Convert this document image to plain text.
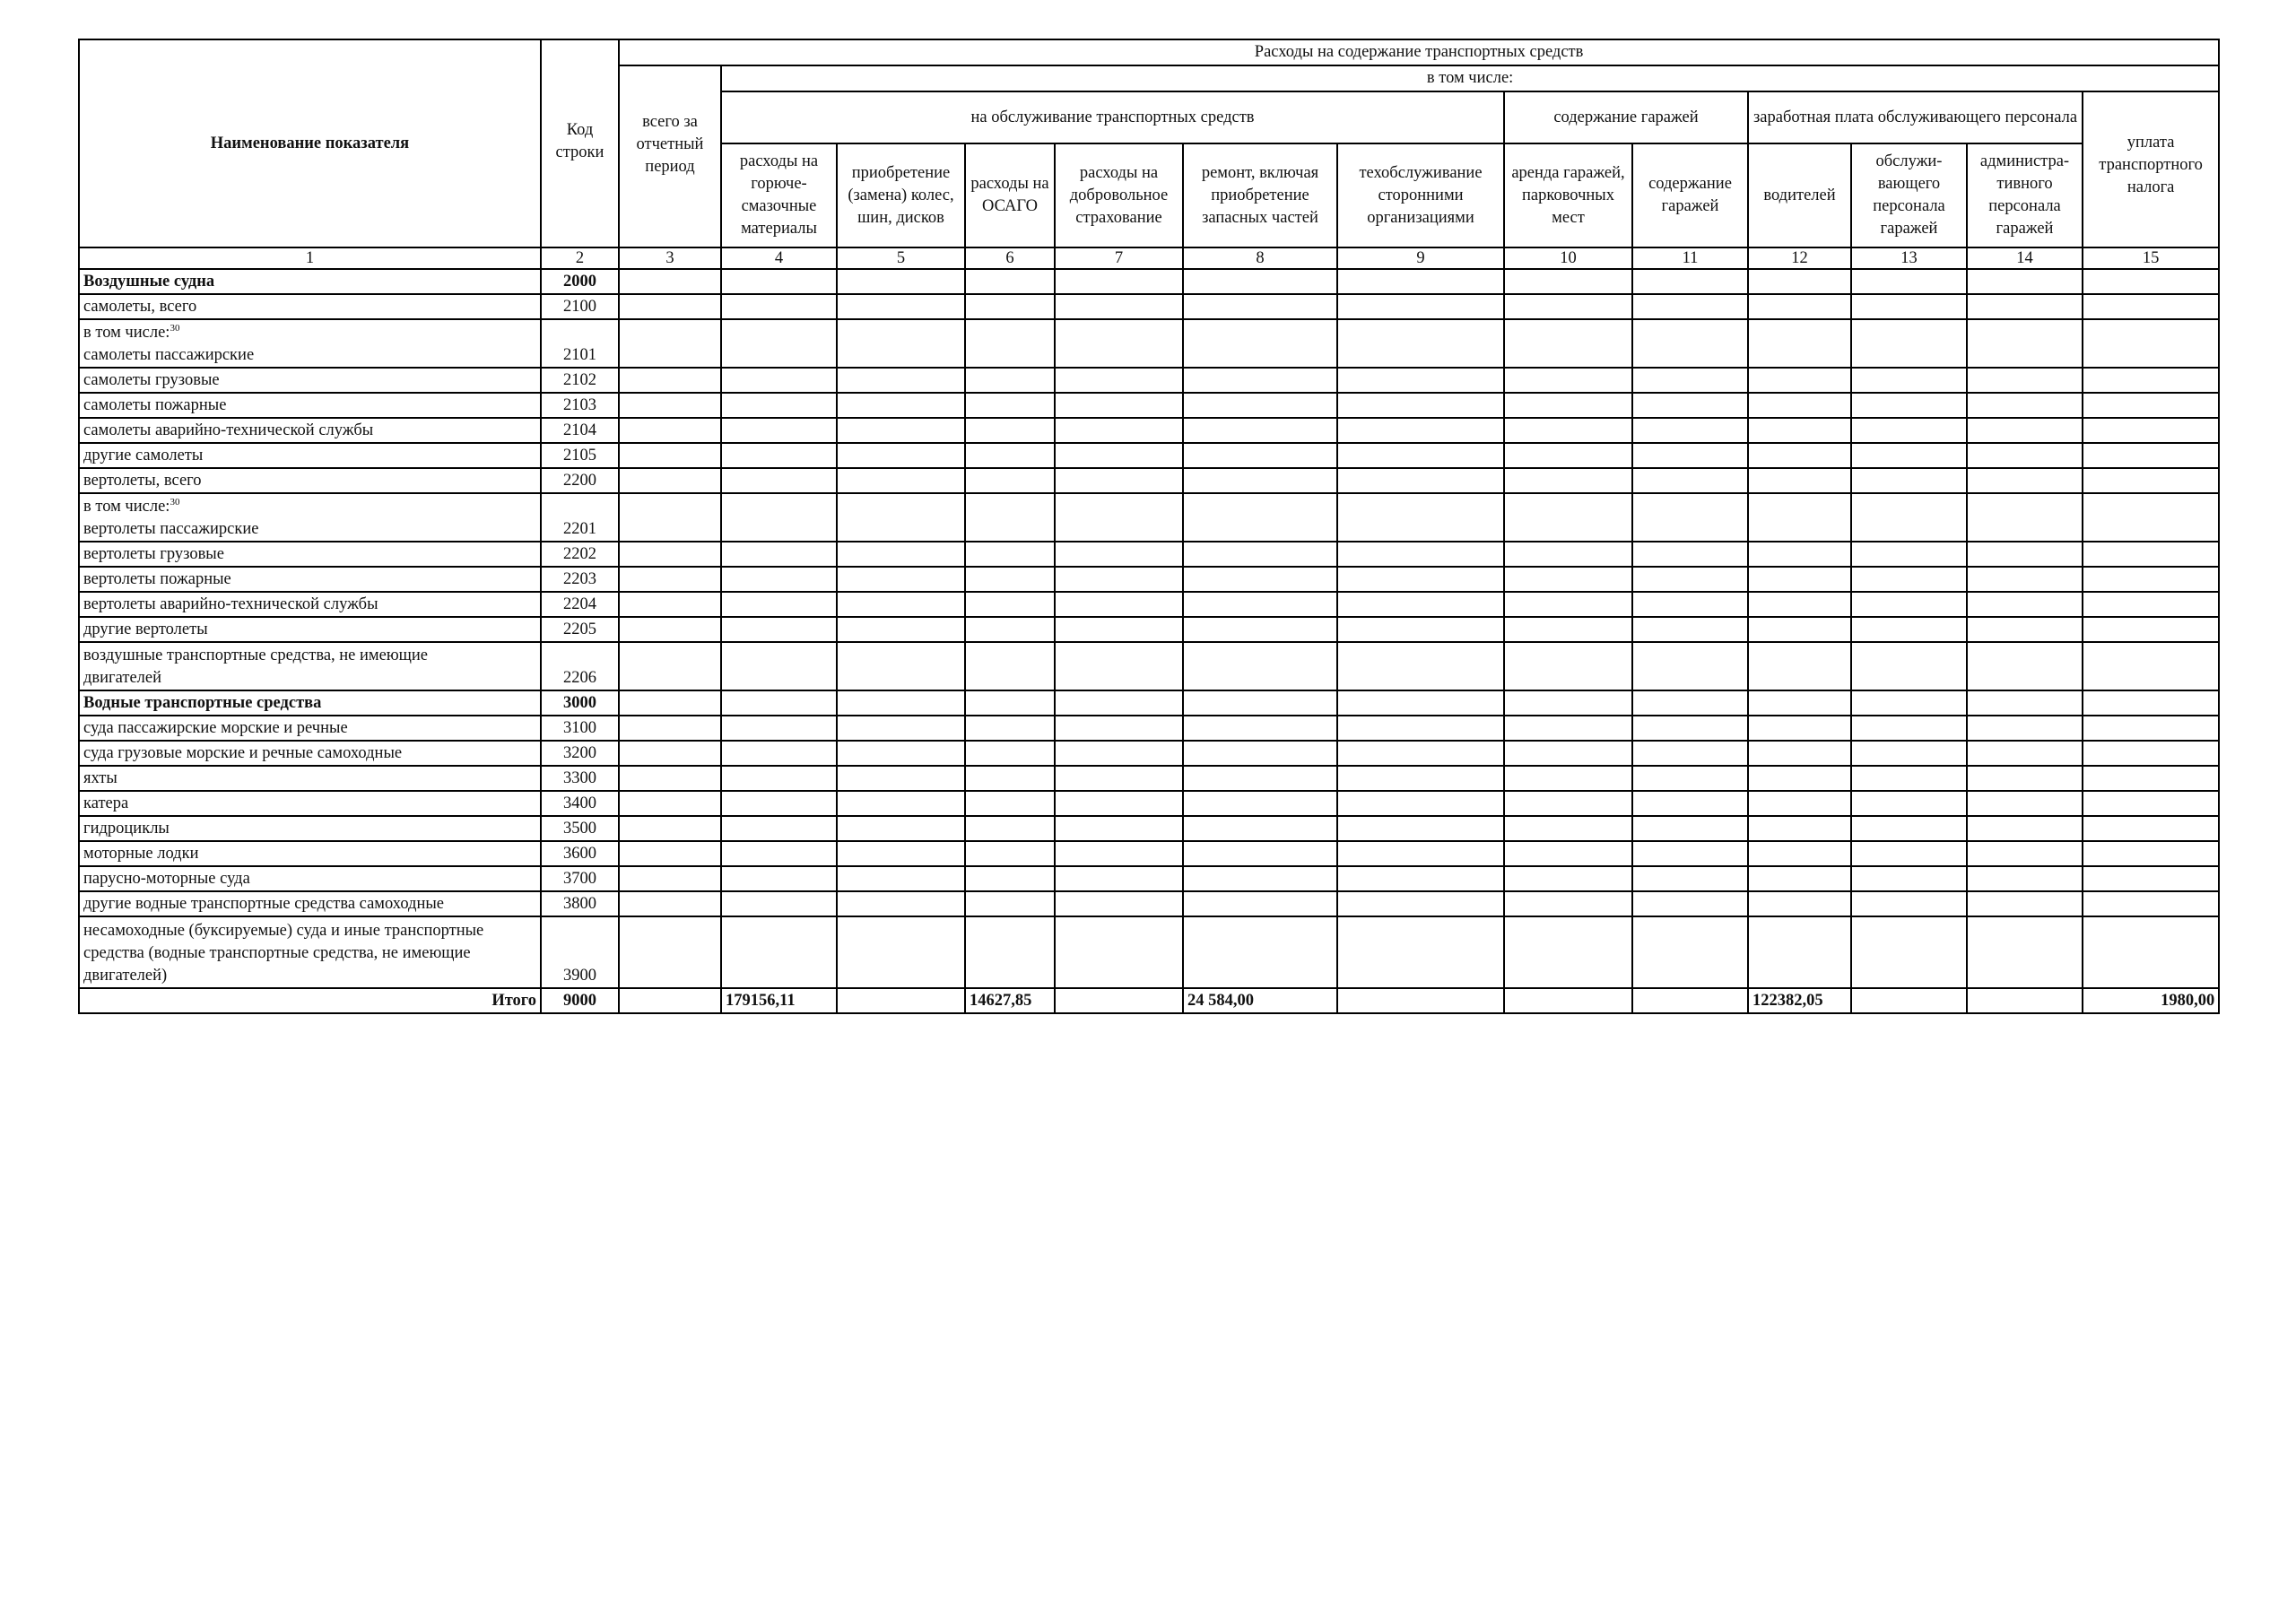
Наименование показателя	Код строки	Расходы на содержание транспортных средств												
		всего за отчетный период	в том числе:											
			на обслуживание транспортных средств						содержание гаражей		заработная плата обслуживающего персонала			уплата транспортного налога
			расходы на горюче-смазочные материалы	приобретение (замена) колес, шин, дисков	расходы на ОСАГО	расходы на добровольное страхование	ремонт, включая приобретение запасных частей	техобслуживание сторонними организациями	аренда гаражей, парковочных мест	содержание гаражей	водителей	обслужи-вающего персонала гаражей	администра-тивного персонала гаражей	
1	2	3	4	5	6	7	8	9	10	11	12	13	14	15
Воздушные судна	2000													
самолеты, всего	2100													
в том числе:$^{30}$
самолеты пассажирские	2101													
самолеты грузовые	2102													
самолеты пожарные	2103													
самолеты аварийно-технической службы	2104													
другие самолеты	2105													
вертолеты, всего	2200													
в том числе:$^{30}$
вертолеты пассажирские	2201													
вертолеты грузовые	2202													
вертолеты пожарные	2203													
вертолеты аварийно-технической службы	2204													
другие вертолеты	2205													
воздушные транспортные средства, не имеющие
двигателей	2206													
Водные транспортные средства	3000													
суда пассажирские морские и речные	3100													
суда грузовые морские и речные самоходные	3200													
яхты	3300													
катера	3400													
гидроциклы	3500													
моторные лодки	3600													
парусно-моторные суда	3700													
другие водные транспортные средства самоходные	3800													
несамоходные (буксируемые) суда и иные транспортные
средства (водные транспортные средства, не имеющие
двигателей)	3900													
Итого	9000		179156,11		14627,85		24 584,00				122382,05			1980,00
